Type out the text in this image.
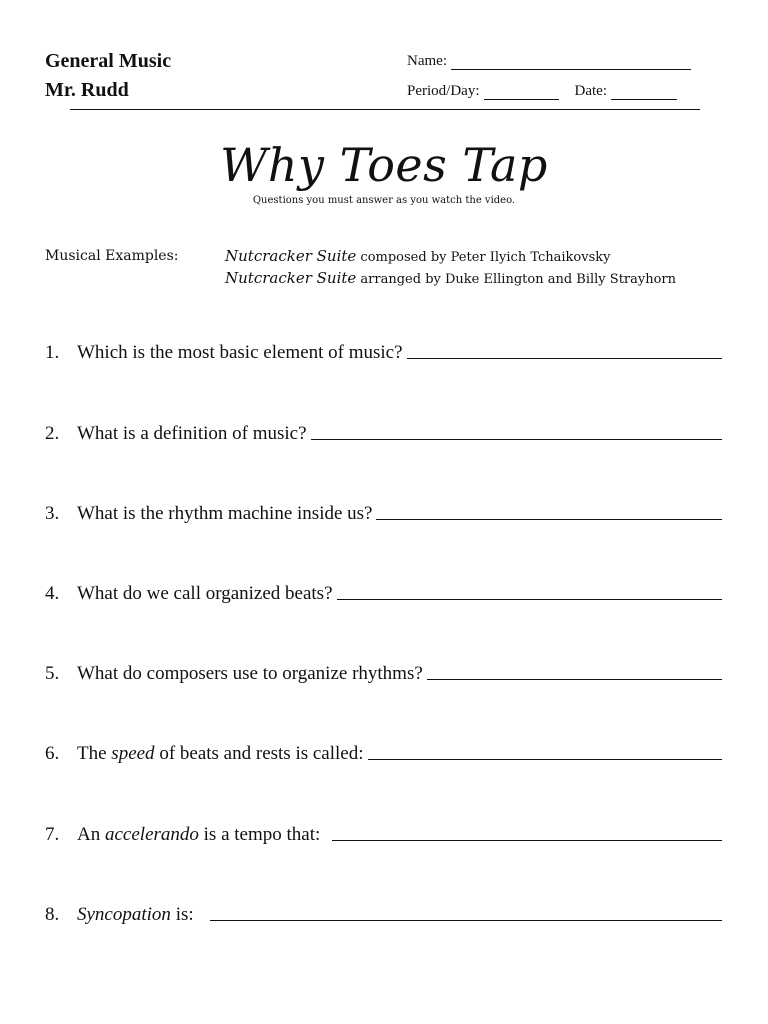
General Music
Mr. Rudd
Name:
Period/Day:	Date:
Why Toes Tap
Questions you must answer as you watch the video.
Musical Examples:	Nutcracker Suite composed by Peter Ilyich Tchaikovsky
Nutcracker Suite arranged by Duke Ellington and Billy Strayhorn
1. Which is the most basic element of music?
2. What is a definition of music?
3. What is the rhythm machine inside us?
4. What do we call organized beats?
5. What do composers use to organize rhythms?
6. The speed of beats and rests is called:
7. An accelerando is a tempo that:
8. Syncopation is:
